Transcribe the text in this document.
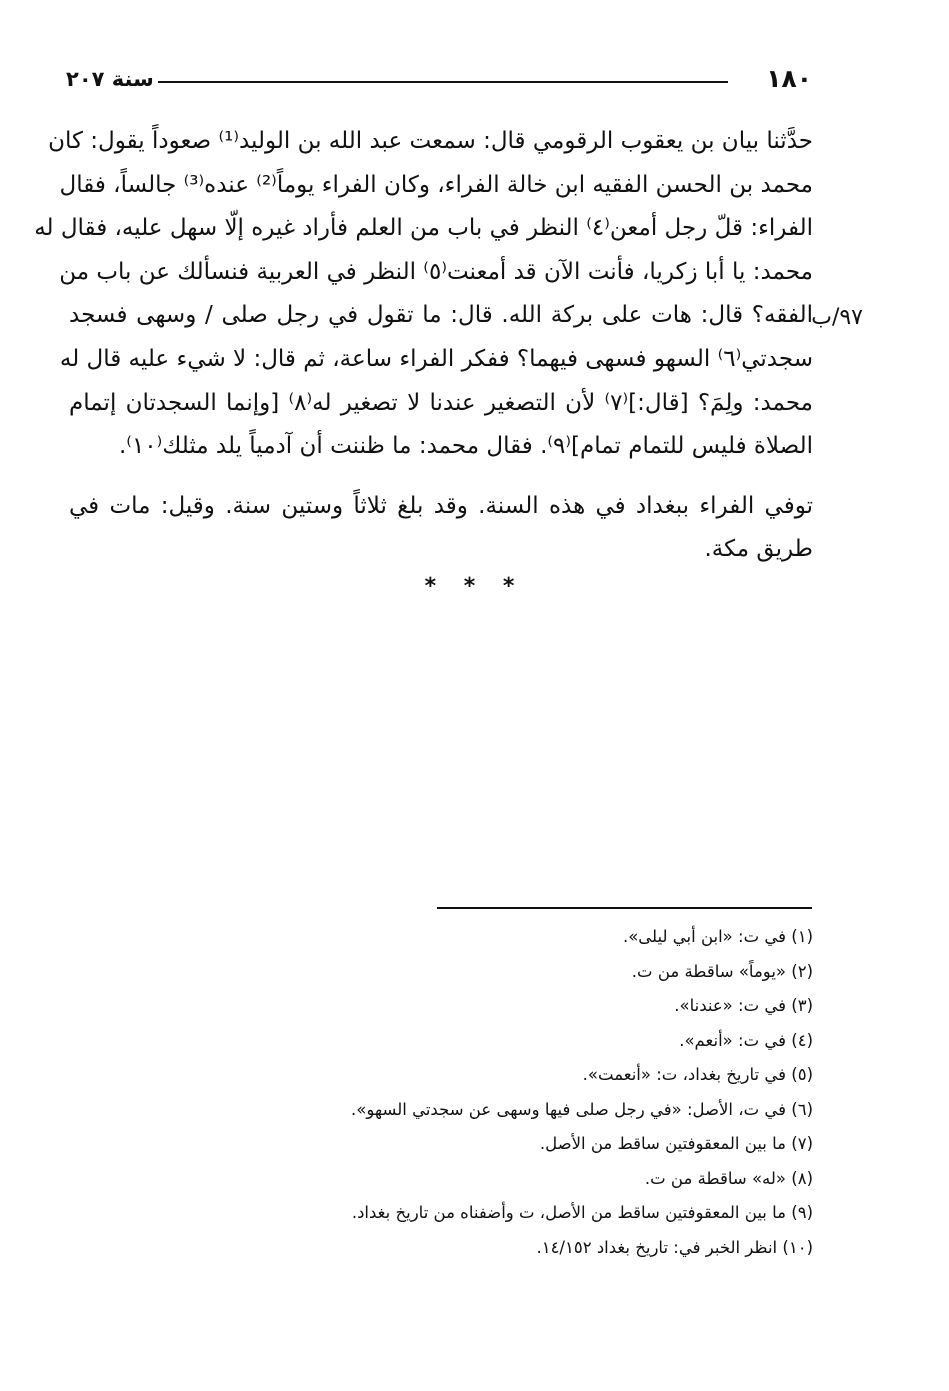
١٨٠
سنة ٢٠٧
٩٧/ب

حدَّثنا بيان بن يعقوب الرقومي قال: سمعت عبد الله بن الوليد⁽¹⁾ صعوداً يقول: كان
محمد بن الحسن الفقيه ابن خالة الفراء، وكان الفراء يوماً⁽²⁾ عنده⁽³⁾ جالساً، فقال
الفراء: قلّ رجل أمعن⁽٤⁾ النظر في باب من العلم فأراد غيره إلّا سهل عليه، فقال له
محمد: يا أبا زكريا، فأنت الآن قد أمعنت⁽٥⁾ النظر في العربية فنسألك عن باب من
الفقه؟ قال: هات على بركة الله. قال: ما تقول في رجل صلى / وسهى فسجد
سجدتي⁽٦⁾ السهو فسهى فيهما؟ ففكر الفراء ساعة، ثم قال: لا شيء عليه قال له
محمد: ولِمَ؟ [قال:]⁽٧⁾ لأن التصغير عندنا لا تصغير له⁽٨⁾ [وإنما السجدتان إتمام
الصلاة فليس للتمام تمام]⁽٩⁾. فقال محمد: ما ظننت أن آدمياً يلد مثلك⁽١٠⁾.

توفي الفراء ببغداد في هذه السنة. وقد بلغ ثلاثاً وستين سنة. وقيل: مات في
طريق مكة.

* * *
(١) في ت: «ابن أبي ليلى».
(٢) «يوماً» ساقطة من ت.
(٣) في ت: «عندنا».
(٤) في ت: «أنعم».
(٥) في تاريخ بغداد، ت: «أنعمت».
(٦) في ت، الأصل: «في رجل صلى فيها وسهى عن سجدتي السهو».
(٧) ما بين المعقوفتين ساقط من الأصل.
(٨) «له» ساقطة من ت.
(٩) ما بين المعقوفتين ساقط من الأصل، ت وأضفناه من تاريخ بغداد.
(١٠) انظر الخبر في: تاريخ بغداد ١٤/١٥٢.
